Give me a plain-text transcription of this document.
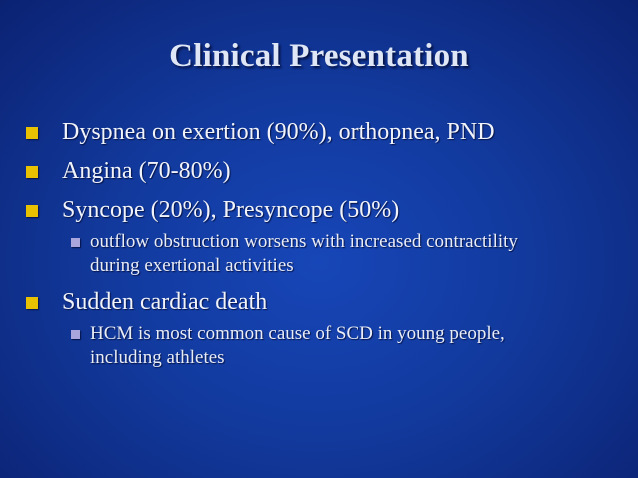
Clinical Presentation
Dyspnea on exertion (90%), orthopnea, PND
Angina (70-80%)
Syncope (20%), Presyncope (50%)
outflow obstruction worsens with increased contractility during exertional activities
Sudden cardiac death
HCM is most common cause of SCD in young people, including athletes
